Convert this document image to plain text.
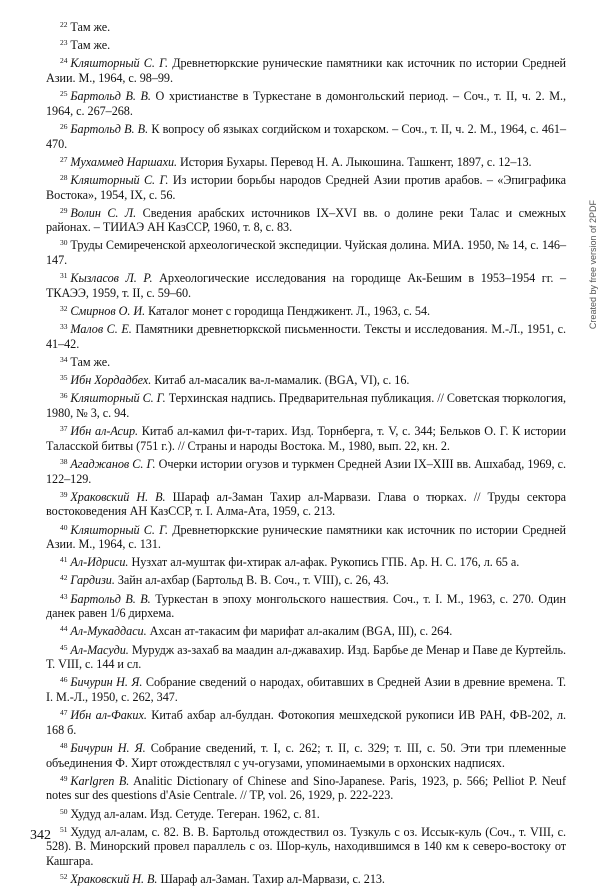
$^{22}$ Там же.

$^{23}$ Там же.

$^{24}$ Кляшторный С. Г. Древнетюркские рунические памятники как источник по истории Средней Азии. М., 1964, с. 98–99.

$^{25}$ Бартольд В. В. О христианстве в Туркестане в домонгольский период. – Соч., т. II, ч. 2. М., 1964, с. 267–268.

$^{26}$ Бартольд В. В. К вопросу об языках согдийском и тохарском. – Соч., т. II, ч. 2. М., 1964, с. 461–470.

$^{27}$ Мухаммед Наршахи. История Бухары. Перевод Н. А. Лыкошина. Ташкент, 1897, с. 12–13.

$^{28}$ Кляшторный С. Г. Из истории борьбы народов Средней Азии против арабов. – «Эпиграфика Востока», 1954, IX, с. 56.

$^{29}$ Волин С. Л. Сведения арабских источников IX–XVI вв. о долине реки Талас и смежных районах. – ТИИАЭ АН КазССР, 1960, т. 8, с. 83.

$^{30}$ Труды Семиреченской археологической экспедиции. Чуйская долина. МИА. 1950, № 14, с. 146–147.

$^{31}$ Кызласов Л. Р. Археологические исследования на городище Ак-Бешим в 1953–1954 гг. – ТКАЭЭ, 1959, т. II, с. 59–60.

$^{32}$ Смирнов О. И. Каталог монет с городища Пенджикент. Л., 1963, с. 54.

$^{33}$ Малов С. Е. Памятники древнетюркской письменности. Тексты и исследования. М.-Л., 1951, с. 41–42.

$^{34}$ Там же.

$^{35}$ Ибн Хордадбех. Китаб ал-масалик ва-л-мамалик. (BGA, VI), с. 16.

$^{36}$ Кляшторный С. Г. Терхинская надпись. Предварительная публикация. // Советская тюркология, 1980, № 3, с. 94.

$^{37}$ Ибн ал-Асир. Китаб ал-камил фи-т-тарих. Изд. Торнберга, т. V, с. 344; Бельков О. Г. К истории Таласской битвы (751 г.). // Страны и народы Востока. М., 1980, вып. 22, кн. 2.

$^{38}$ Агаджанов С. Г. Очерки истории огузов и туркмен Средней Азии IX–XIII вв. Ашхабад, 1969, с. 122–129.

$^{39}$ Храковский Н. В. Шараф ал-Заман Тахир ал-Марвази. Глава о тюрках. // Труды сектора востоковедения АН КазССР, т. I. Алма-Ата, 1959, с. 213.

$^{40}$ Кляшторный С. Г. Древнетюркские рунические памятники как источник по истории Средней Азии. М., 1964, с. 131.

$^{41}$ Ал-Идриси. Нузхат ал-муштак фи-хтирак ал-афак. Рукопись ГПБ. Ар. Н. С. 176, л. 65 а.

$^{42}$ Гардизи. Зайн ал-ахбар (Бартольд В. В. Соч., т. VIII), с. 26, 43.

$^{43}$ Бартольд В. В. Туркестан в эпоху монгольского нашествия. Соч., т. I. М., 1963, с. 270. Один данек равен 1/6 дирхема.

$^{44}$ Ал-Мукаддаси. Ахсан ат-такасим фи марифат ал-акалим (BGA, III), с. 264.

$^{45}$ Ал-Масуди. Мурудж аз-захаб ва маадин ал-джавахир. Изд. Барбье де Менар и Паве де Куртейль. Т. VIII, с. 144 и сл.

$^{46}$ Бичурин Н. Я. Собрание сведений о народах, обитавших в Средней Азии в древние времена. Т. I. М.-Л., 1950, с. 262, 347.

$^{47}$ Ибн ал-Факих. Китаб ахбар ал-булдан. Фотокопия мешхедской рукописи ИВ РАН, ФВ-202, л. 168 б.

$^{48}$ Бичурин Н. Я. Собрание сведений, т. I, с. 262; т. II, с. 329; т. III, с. 50. Эти три племенные объединения Ф. Хирт отождествлял с уч-огузами, упоминаемыми в орхонских надписях.

$^{49}$ Karlgren B. Analitic Dictionary of Chinese and Sino-Japanese. Paris, 1923, p. 566; Pelliot P. Neuf notes sur des questions d'Asie Centrale. // TP, vol. 26, 1929, p. 222-223.

$^{50}$ Худуд ал-алам. Изд. Сетуде. Тегеран. 1962, с. 81.

$^{51}$ Худуд ал-алам, с. 82. В. В. Бартольд отождествил оз. Тузкуль с оз. Иссык-куль (Соч., т. VIII, с. 528). В. Минорский провел параллель с оз. Шор-куль, находившимся в 140 км к северо-востоку от Кашгара.

$^{52}$ Храковский Н. В. Шараф ал-Заман. Тахир ал-Марвази, с. 213.

342
Created by free version of 2PDF
